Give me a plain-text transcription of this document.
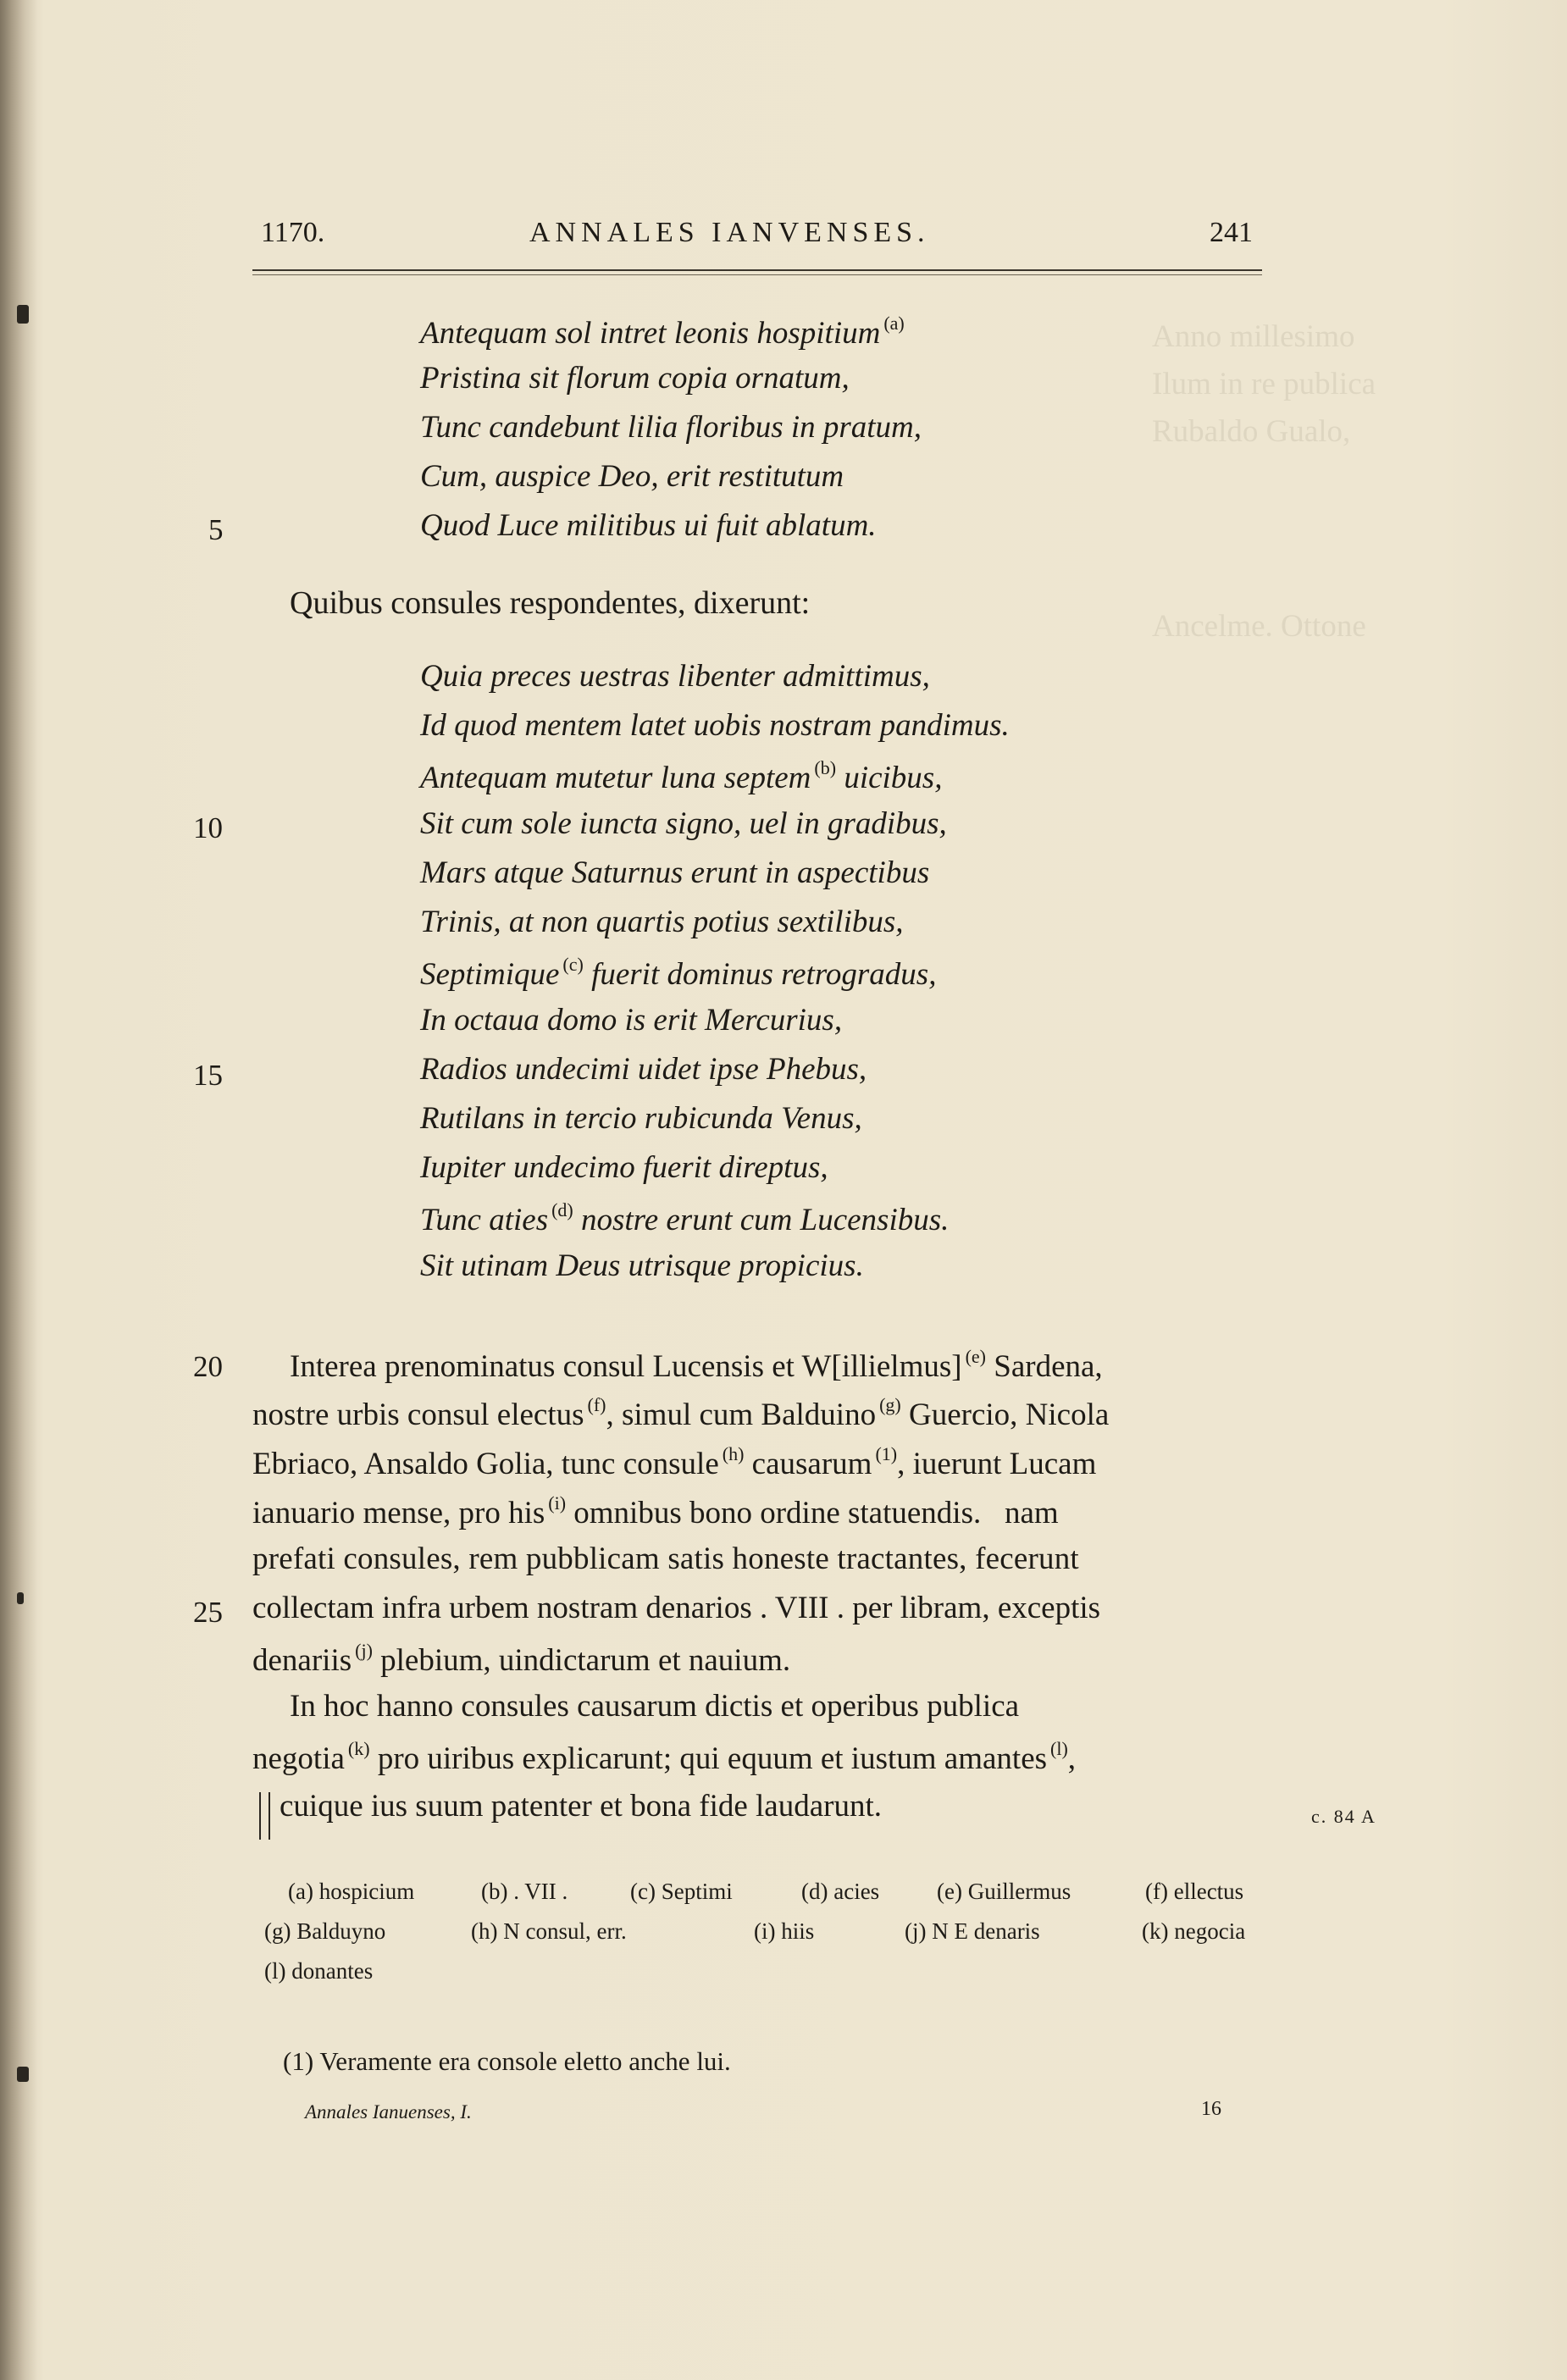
Anno millesimo
Ilum in re publica
Rubaldo Gualo,
Ancelme. Ottone
1170.	ANNALES IANVENSES.	241
Antequam sol intret leonis hospitium $^{(a)}$
Pristina sit florum copia ornatum,
Tunc candebunt lilia floribus in pratum,
Cum, auspice Deo, erit restitutum
Quod Luce militibus ui fuit ablatum.
Quibus consules respondentes, dixerunt:
Quia preces uestras libenter admittimus,
Id quod mentem latet uobis nostram pandimus.
Antequam mutetur luna septem $^{(b)}$ uicibus,
Sit cum sole iuncta signo, uel in gradibus,
Mars atque Saturnus erunt in aspectibus
Trinis, at non quartis potius sextilibus,
Septimique $^{(c)}$ fuerit dominus retrogradus,
In octaua domo is erit Mercurius,
Radios undecimi uidet ipse Phebus,
Rutilans in tercio rubicunda Venus,
Iupiter undecimo fuerit direptus,
Tunc aties $^{(d)}$ nostre erunt cum Lucensibus.
Sit utinam Deus utrisque propicius.
Interea prenominatus consul Lucensis et W[illielmus] $^{(e)}$ Sardena,
nostre urbis consul electus $^{(f)}$, simul cum Balduino $^{(g)}$ Guercio, Nicola
Ebriaco, Ansaldo Golia, tunc consule $^{(h)}$ causarum $^{(1)}$, iuerunt Lucam
ianuario mense, pro his $^{(i)}$ omnibus bono ordine statuendis.   nam
prefati consules, rem pubblicam satis honeste tractantes, fecerunt
collectam infra urbem nostram denarios . VIII . per libram, exceptis
denariis $^{(j)}$ plebium, uindictarum et nauium.
In hoc hanno consules causarum dictis et operibus publica
negotia $^{(k)}$ pro uiribus explicarunt; qui equum et iustum amantes $^{(l)}$,
cuique ius suum patenter et bona fide laudarunt.
5
10
15
20
25
c. 84 A
(a) hospicium	(b) . VII .	(c) Septimi	(d) acies	(e) Guillermus	(f) ellectus
(g) Balduyno	(h) N consul, err.	(i) hiis	(j) N E denaris	(k) negocia
(l) donantes
(1) Veramente era console eletto anche lui.
Annales Ianuenses, I.	16
